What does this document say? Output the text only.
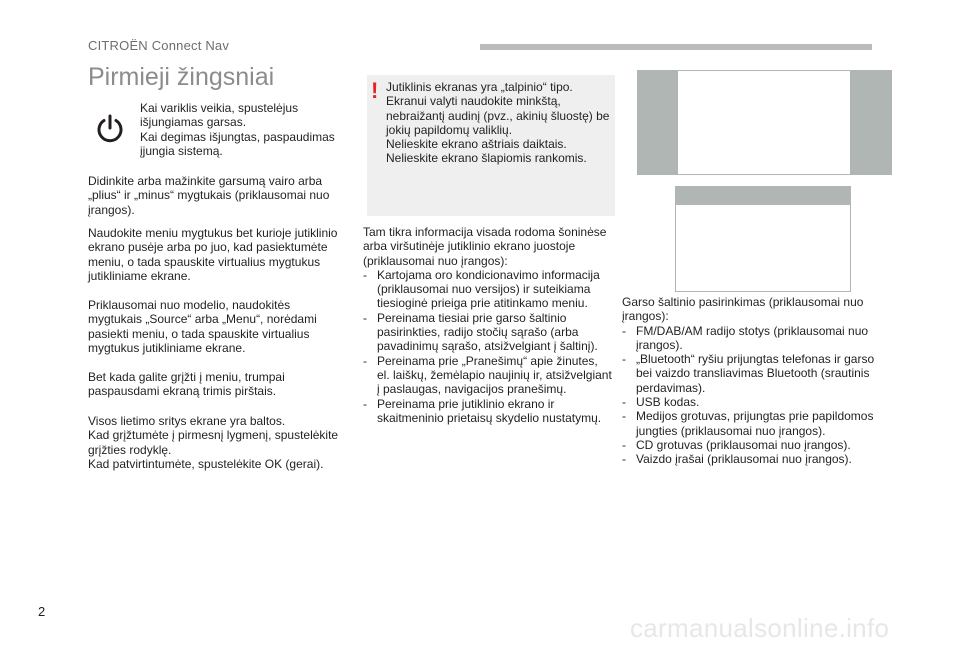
CITROËN Connect Nav
Pirmieji žingsniai
Kai variklis veikia, spustelėjus
išjungiamas garsas.
Kai degimas išjungtas, paspaudimas
įjungia sistemą.
Didinkite arba mažinkite garsumą vairo arba
„plius“ ir „minus“ mygtukais (priklausomai nuo
įrangos).
Naudokite meniu mygtukus bet kurioje jutiklinio
ekrano pusėje arba po juo, kad pasiektumėte
meniu, o tada spauskite virtualius mygtukus
jutikliniame ekrane.
Priklausomai nuo modelio, naudokitės
mygtukais „Source“ arba „Menu“, norėdami
pasiekti meniu, o tada spauskite virtualius
mygtukus jutikliniame ekrane.
Bet kada galite grįžti į meniu, trumpai
paspausdami ekraną trimis pirštais.
Visos lietimo sritys ekrane yra baltos.
Kad grįžtumėte į pirmesnį lygmenį, spustelėkite
grįžties rodyklę.
Kad patvirtintumėte, spustelėkite OK (gerai).
! Jutiklinis ekranas yra „talpinio“ tipo.
Ekranui valyti naudokite minkštą,
nebraižantį audinį (pvz., akinių šluostę) be
jokių papildomų valiklių.
Nelieskite ekrano aštriais daiktais.
Nelieskite ekrano šlapiomis rankomis.
Tam tikra informacija visada rodoma šoninėse
arba viršutinėje jutiklinio ekrano juostoje
(priklausomai nuo įrangos):
- Kartojama oro kondicionavimo informacija
(priklausomai nuo versijos) ir suteikiama
tiesioginė prieiga prie atitinkamo meniu.
- Pereinama tiesiai prie garso šaltinio
pasirinkties, radijo stočių sąrašo (arba
pavadinimų sąrašo, atsižvelgiant į šaltinį).
- Pereinama prie „Pranešimų“ apie žinutes,
el. laiškų, žemėlapio naujinių ir, atsižvelgiant
į paslaugas, navigacijos pranešimų.
- Pereinama prie jutiklinio ekrano ir
skaitmeninio prietaisų skydelio nustatymų.
Garso šaltinio pasirinkimas (priklausomai nuo
įrangos):
- FM/DAB/AM radijo stotys (priklausomai nuo
įrangos).
- „Bluetooth“ ryšiu prijungtas telefonas ir garso
bei vaizdo transliavimas Bluetooth (srautinis
perdavimas).
- USB kodas.
- Medijos grotuvas, prijungtas prie papildomos
jungties (priklausomai nuo įrangos).
- CD grotuvas (priklausomai nuo įrangos).
- Vaizdo įrašai (priklausomai nuo įrangos).
2
carmanualsonline.info
